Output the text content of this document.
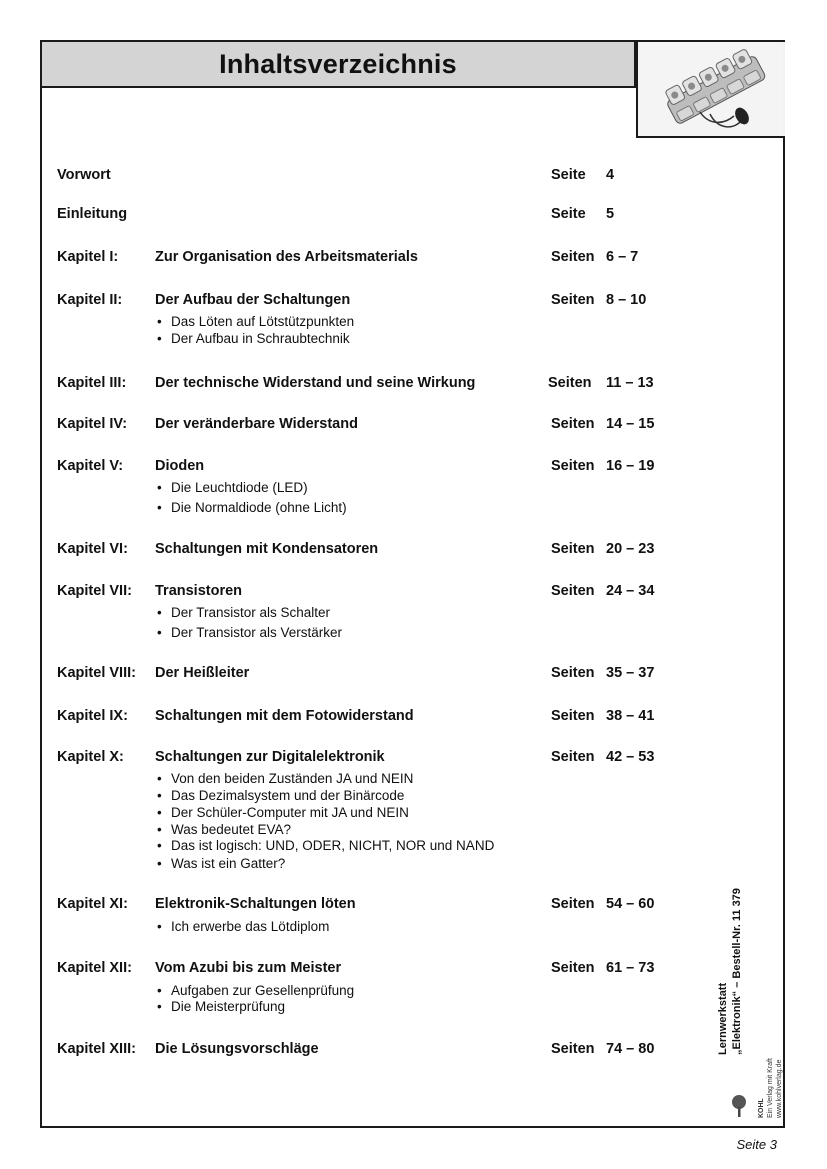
Inhaltsverzeichnis
Vorwort	Seite 4
Einleitung	Seite 5
Kapitel I:	Zur Organisation des Arbeitsmaterials	Seiten 6 – 7
Kapitel II: Der Aufbau der Schaltungen	Seiten 8 – 10
• Das Löten auf Lötstützpunkten
• Der Aufbau in Schraubtechnik
Kapitel III: Der technische Widerstand und seine Wirkung	Seiten 11 – 13
Kapitel IV: Der veränderbare Widerstand	Seiten 14 – 15
Kapitel V: Dioden	Seiten 16 – 19
• Die Leuchtdiode (LED)
• Die Normaldiode (ohne Licht)
Kapitel VI: Schaltungen mit Kondensatoren	Seiten 20 – 23
Kapitel VII: Transistoren	Seiten 24 – 34
• Der Transistor als Schalter
• Der Transistor als Verstärker
Kapitel VIII: Der Heißleiter	Seiten 35 – 37
Kapitel IX: Schaltungen mit dem Fotowiderstand	Seiten 38 – 41
Kapitel X: Schaltungen zur Digitalelektronik	Seiten 42 – 53
• Von den beiden Zuständen JA und NEIN
• Das Dezimalsystem und der Binärcode
• Der Schüler-Computer mit JA und NEIN
• Was bedeutet EVA?
• Das ist logisch: UND, ODER, NICHT, NOR und NAND
• Was ist ein Gatter?
Kapitel XI: Elektronik-Schaltungen löten	Seiten 54 – 60
• Ich erwerbe das Lötdiplom
Kapitel XII: Vom Azubi bis zum Meister	Seiten 61 – 73
• Aufgaben zur Gesellenprüfung
• Die Meisterprüfung
Kapitel XIII: Die Lösungsvorschläge	Seiten 74 – 80	Lernwerkstatt „Elektronik“ – Bestell-Nr. 11 379
KOHL Ein Verlag mit Kraft www.kohlverlag.de
Seite 3
